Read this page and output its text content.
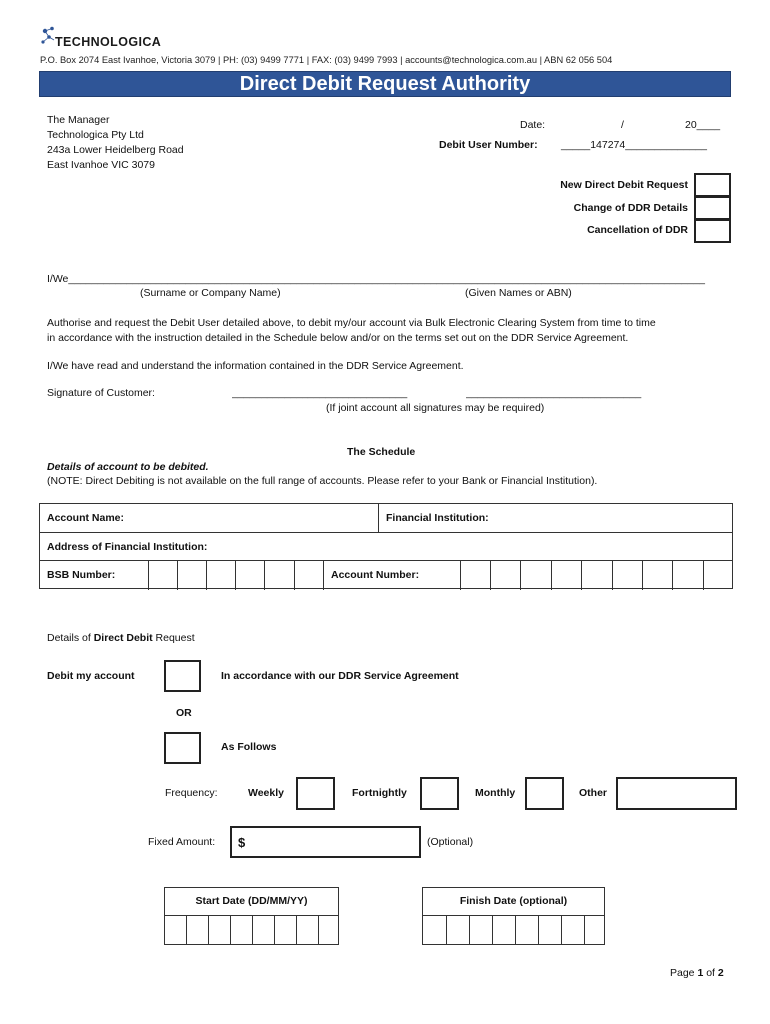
TECHNOLOGICA
P.O. Box 2074 East Ivanhoe, Victoria 3079 | PH: (03) 9499 7771 | FAX: (03) 9499 7993 | accounts@technologica.com.au | ABN 62 056 504
Direct Debit Request Authority
The Manager
Technologica Pty Ltd
243a Lower Heidelberg Road
East Ivanhoe VIC 3079
Date:	/	20____
Debit User Number: _____147274______________
New Direct Debit Request
Change of DDR Details
Cancellation of DDR
I/We_____________________________________________________________________________________________________________
(Surname or Company Name)	(Given Names or ABN)
Authorise and request the Debit User detailed above, to debit my/our account via Bulk Electronic Clearing System from time to time
in accordance with the instruction detailed in the Schedule below and/or on the terms set out on the DDR Service Agreement.
I/We have read and understand the information contained in the DDR Service Agreement.
Signature of Customer:	______________________________	______________________________
(If joint account all signatures may be required)
The Schedule
Details of account to be debited.
(NOTE: Direct Debiting is not available on the full range of accounts. Please refer to your Bank or Financial Institution).
Account Name:	Financial Institution:
Address of Financial Institution:
BSB Number:	Account Number:
Details of Direct Debit Request
Debit my account	In accordance with our DDR Service Agreement
OR
As Follows
Frequency:	Weekly	Fortnightly	Monthly	Other
Fixed Amount: $	(Optional)
Start Date (DD/MM/YY)	Finish Date (optional)
Page 1 of 2
